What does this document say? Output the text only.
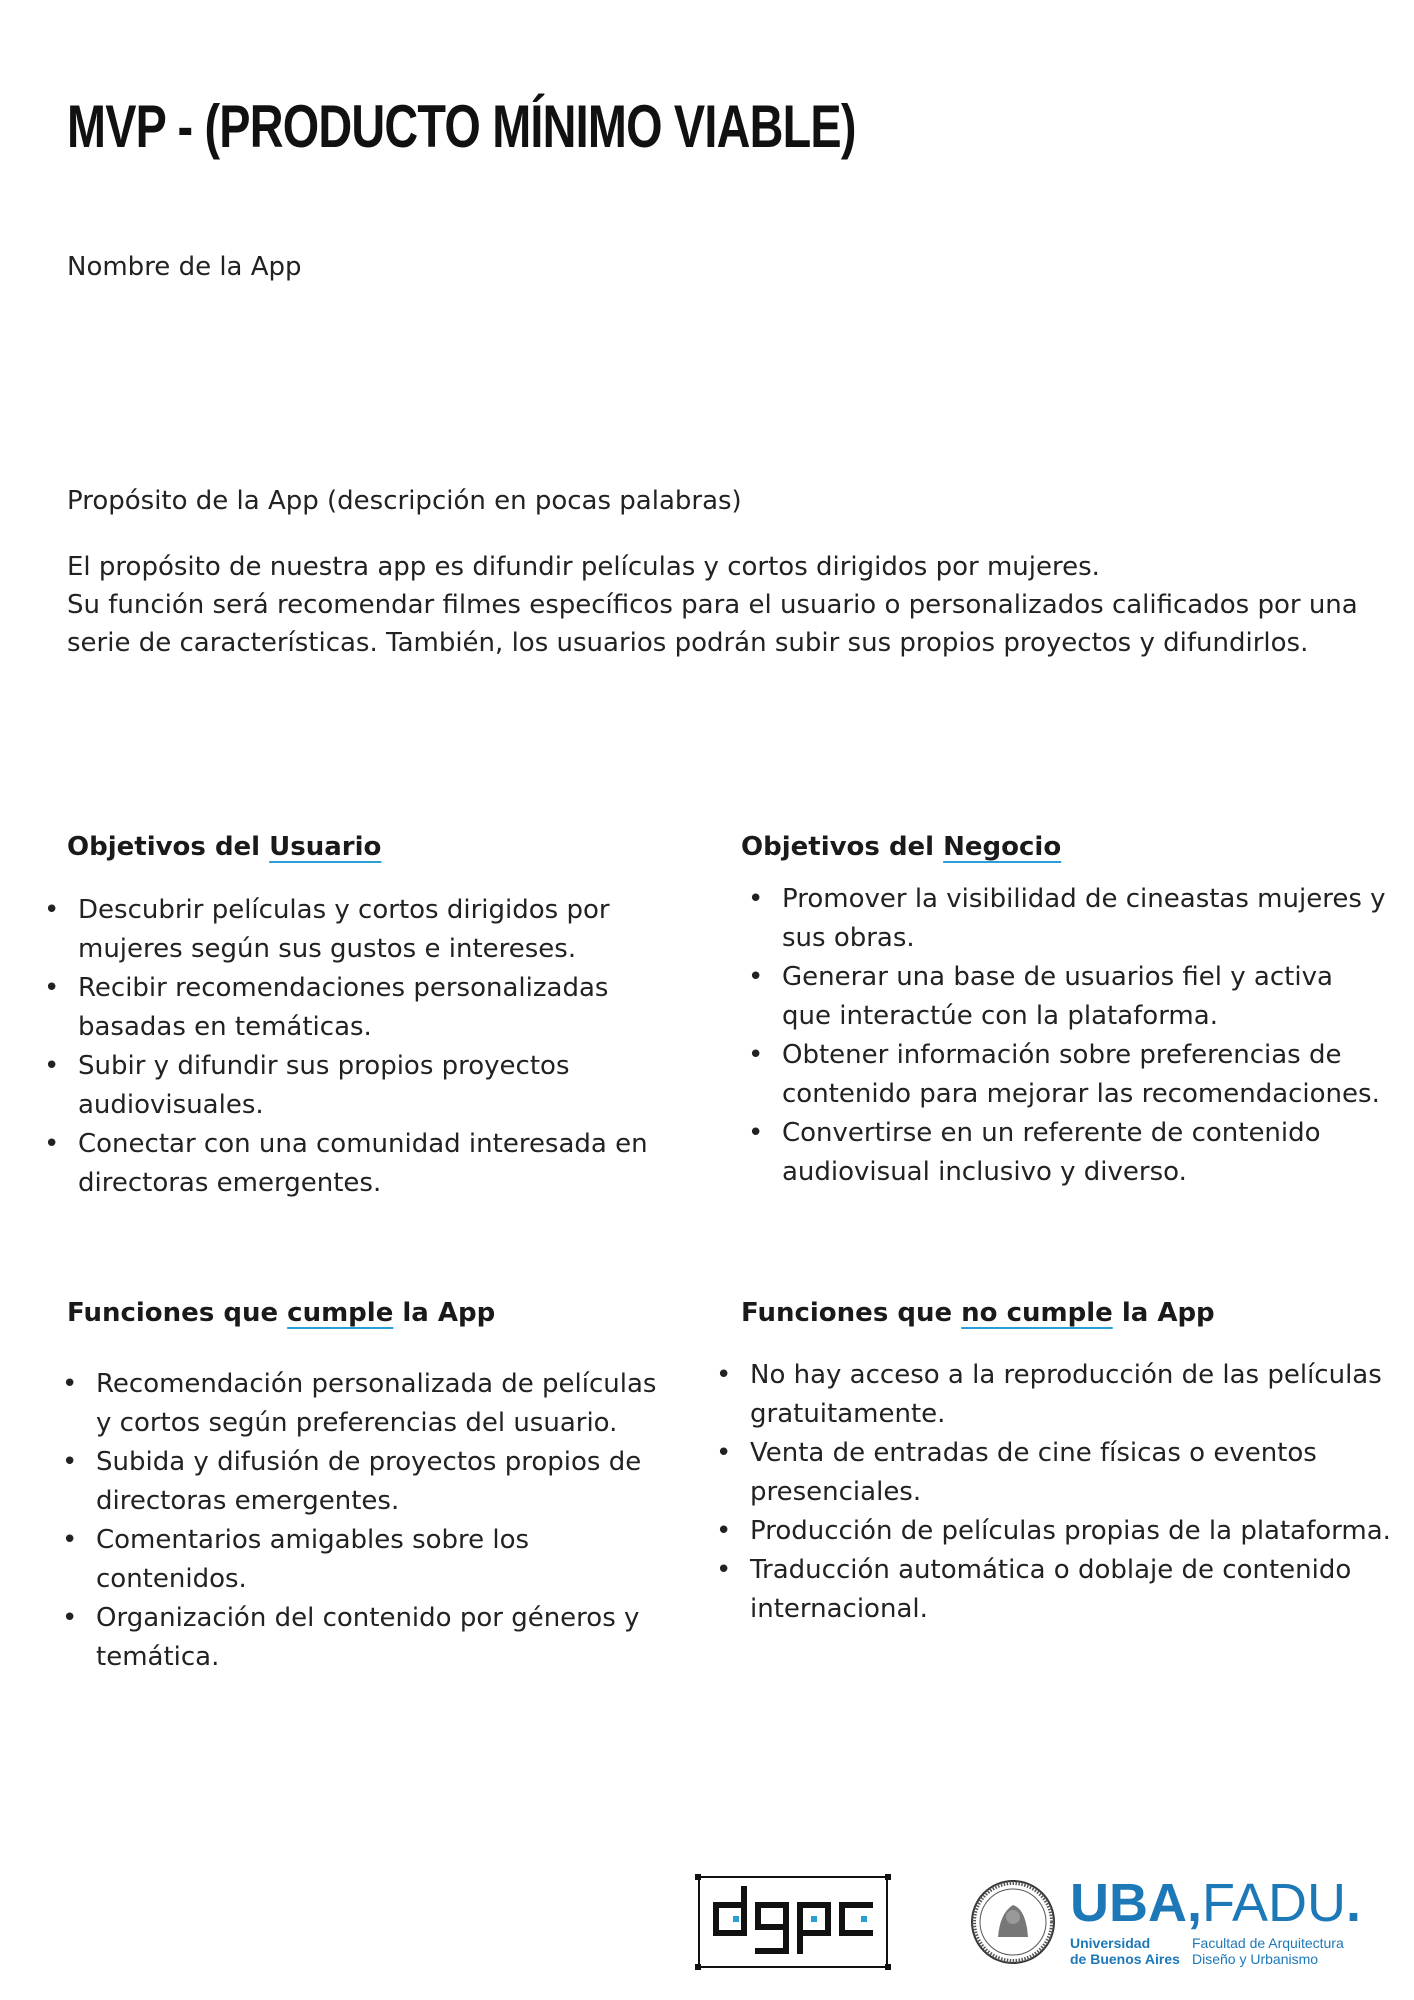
MVP - (PRODUCTO MÍNIMO VIABLE)

Nombre de la App

Propósito de la App (descripción en pocas palabras)

El propósito de nuestra app es difundir películas y cortos dirigidos por mujeres.

Su función será recomendar filmes específicos para el usuario o personalizados calificados por una serie de características. También, los usuarios podrán subir sus propios proyectos y difundirlos.

Objetivos del Usuario
• Descubrir películas y cortos dirigidos por mujeres según sus gustos e intereses.
• Recibir recomendaciones personalizadas basadas en temáticas.
• Subir y difundir sus propios proyectos audiovisuales.
• Conectar con una comunidad interesada en directoras emergentes.
Objetivos del Negocio
• Promover la visibilidad de cineastas mujeres y sus obras.
• Generar una base de usuarios fiel y activa que interactúe con la plataforma.
• Obtener información sobre preferencias de contenido para mejorar las recomendaciones.
• Convertirse en un referente de contenido audiovisual inclusivo y diverso.
Funciones que cumple la App
• Recomendación personalizada de películas y cortos según preferencias del usuario.
• Subida y difusión de proyectos propios de directoras emergentes.
• Comentarios amigables sobre los contenidos.
• Organización del contenido por géneros y temática.
Funciones que no cumple la App
• No hay acceso a la reproducción de las películas gratuitamente.
• Venta de entradas de cine físicas o eventos presenciales.
• Producción de películas propias de la plataforma.
• Traducción automática o doblaje de contenido internacional.
dgpc
UBA,FADU.
Universidad
de Buenos Aires
Facultad de Arquitectura
Diseño y Urbanismo
